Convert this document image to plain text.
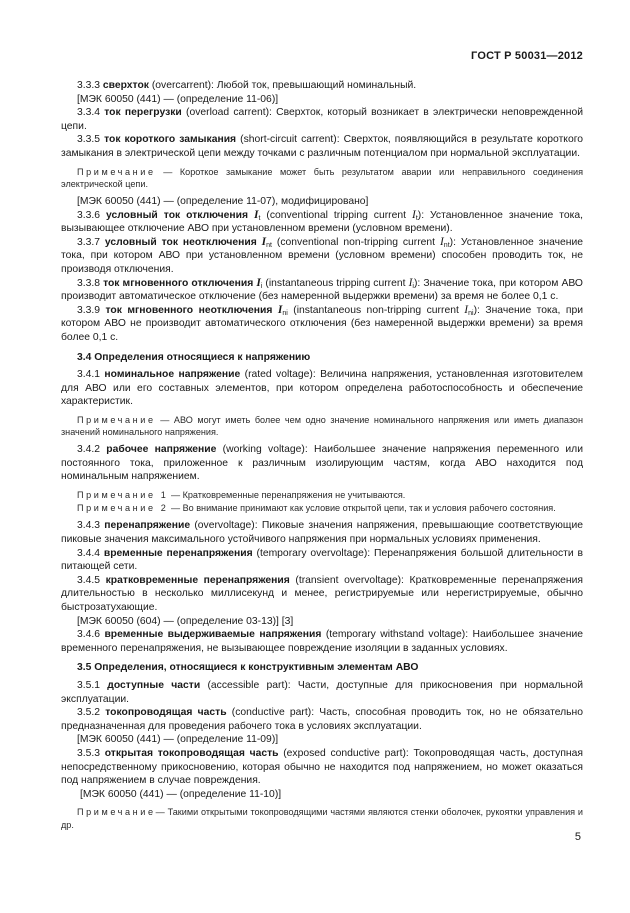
ГОСТ Р 50031—2012

3.3.3 сверхток (overcarrent): Любой ток, превышающий номинальный.

[МЭК 60050 (441) — (определение 11-06)]

3.3.4 ток перегрузки (overload carrent): Сверхток, который возникает в электрически неповрежденной цепи.

3.3.5 ток короткого замыкания (short-circuit carrent): Сверхток, появляющийся в результате короткого замыкания в электрической цепи между точками с различным потенциалом при нормальной эксплуатации.

Примечание — Короткое замыкание может быть результатом аварии или неправильного соединения электрической цепи.

[МЭК 60050 (441) — (определение 11-07), модифицировано]

3.3.6 условный ток отключения $I_t$ (conventional tripping current $I_t$): Установленное значение тока, вызывающее отключение АВО при установленном времени (условном времени).

3.3.7 условный ток неотключения $I_{nt}$ (conventional non-tripping current $I_{nt}$): Установленное значение тока, при котором АВО при установленном времени (условном времени) способен проводить ток, не производя отключения.

3.3.8 ток мгновенного отключения $I_i$ (instantaneous tripping current $I_i$): Значение тока, при котором АВО производит автоматическое отключение (без намеренной выдержки времени) за время не более 0,1 с.

3.3.9 ток мгновенного неотключения $I_{ni}$ (instantaneous non-tripping current $I_{ni}$): Значение тока, при котором АВО не производит автоматического отключения (без намеренной выдержки времени) за время более 0,1 с.

3.4 Определения относящиеся к напряжению

3.4.1 номинальное напряжение (rated voltage): Величина напряжения, установленная изготовителем для АВО или его составных элементов, при котором определена работоспособность и обеспечение характеристик.

Примечание — АВО могут иметь более чем одно значение номинального напряжения или иметь диапазон значений номинального напряжения.

3.4.2 рабочее напряжение (working voltage): Наибольшее значение напряжения переменного или постоянного тока, приложенное к различным изолирующим частям, когда АВО находится под номинальным напряжением.

Примечание 1 — Кратковременные перенапряжения не учитываются.

Примечание 2 — Во внимание принимают как условие открытой цепи, так и условия рабочего состояния.

3.4.3 перенапряжение (overvoltage): Пиковые значения напряжения, превышающие соответствующие пиковые значения максимального устойчивого напряжения при нормальных условиях применения.

3.4.4 временные перенапряжения (temporary overvoltage): Перенапряжения большой длительности в питающей сети.

3.4.5 кратковременные перенапряжения (transient overvoltage): Кратковременные перенапряжения длительностью в несколько миллисекунд и менее, регистрируемые или нерегистрируемые, обычно быстрозатухающие.

[МЭК 60050 (604) — (определение 03-13)] [3]

3.4.6 временные выдерживаемые напряжения (temporary withstand voltage): Наибольшее значение временного перенапряжения, не вызывающее повреждение изоляции в заданных условиях.

3.5 Определения, относящиеся к конструктивным элементам АВО

3.5.1 доступные части (accessible part): Части, доступные для прикосновения при нормальной эксплуатации.

3.5.2 токопроводящая часть (conductive part): Часть, способная проводить ток, но не обязательно предназначенная для проведения рабочего тока в условиях эксплуатации.

[МЭК 60050 (441) — (определение 11-09)]

3.5.3 открытая токопроводящая часть (exposed conductive part): Токопроводящая часть, доступная непосредственному прикосновению, которая обычно не находится под напряжением, но может оказаться под напряжением в случае повреждения.

[МЭК 60050 (441) — (определение 11-10)]

Примечание— Такими открытыми токопроводящими частями являются стенки оболочек, рукоятки управления и др.

5
